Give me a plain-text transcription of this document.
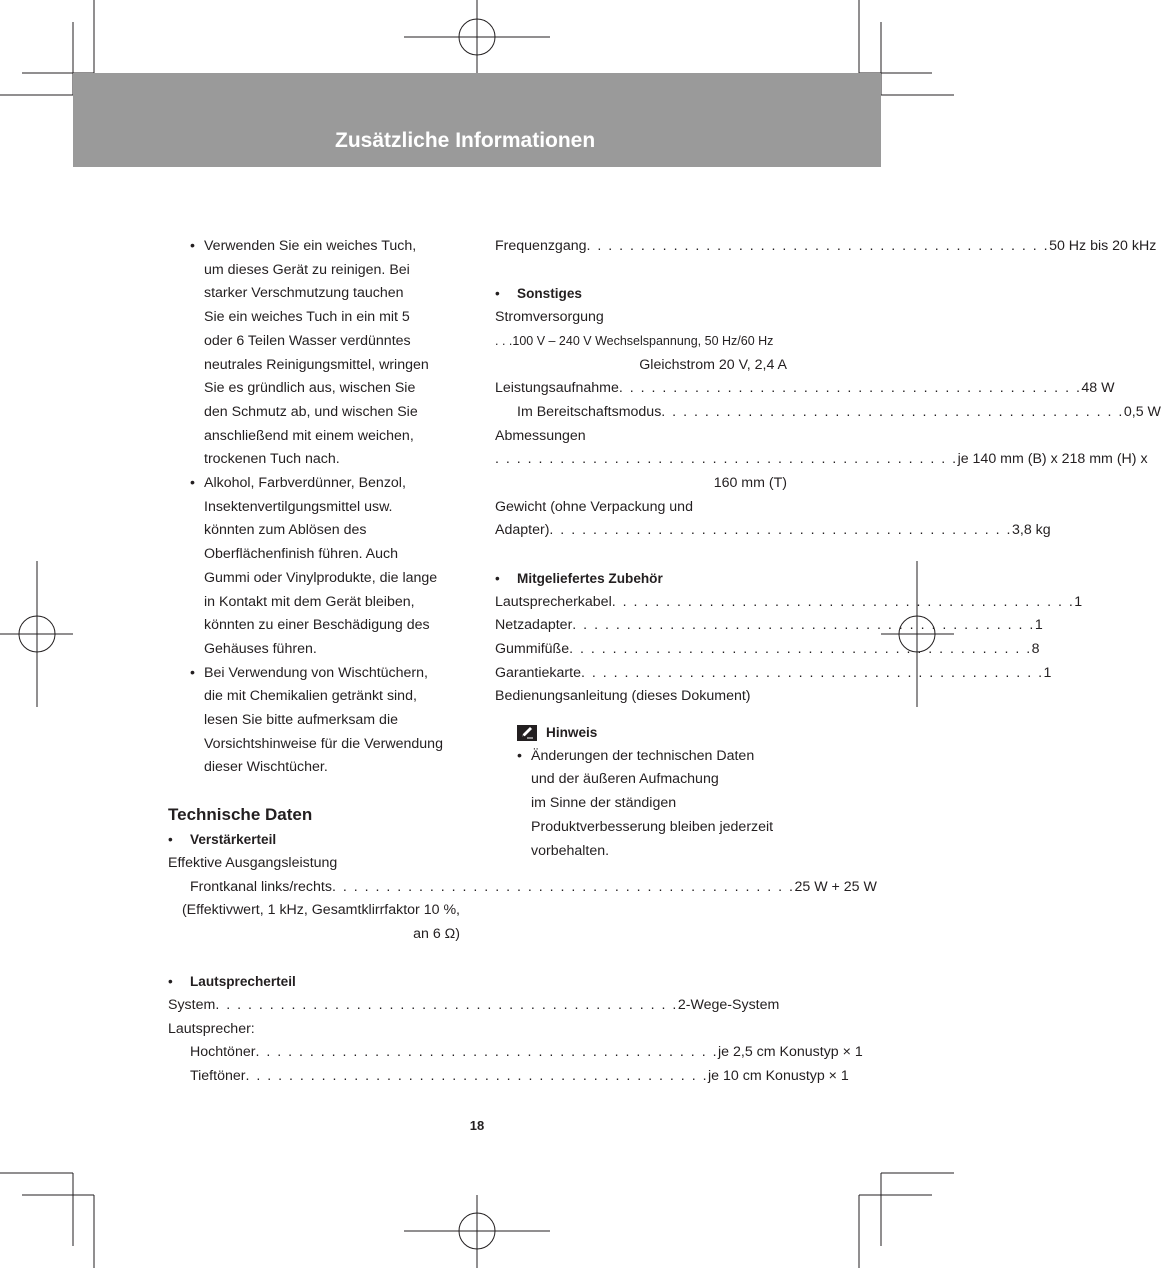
Zusätzliche Informationen
• Verwenden Sie ein weiches Tuch,
um dieses Gerät zu reinigen. Bei
starker Verschmutzung tauchen
Sie ein weiches Tuch in ein mit 5
oder 6 Teilen Wasser verdünntes
neutrales Reinigungsmittel, wringen
Sie es gründlich aus, wischen Sie
den Schmutz ab, und wischen Sie
anschließend mit einem weichen,
trockenen Tuch nach.
• Alkohol, Farbverdünner, Benzol,
Insektenvertilgungsmittel usw.
könnten zum Ablösen des
Oberflächenfinish führen. Auch
Gummi oder Vinylprodukte, die lange
in Kontakt mit dem Gerät bleiben,
könnten zu einer Beschädigung des
Gehäuses führen.
• Bei Verwendung von Wischtüchern,
die mit Chemikalien getränkt sind,
lesen Sie bitte aufmerksam die
Vorsichtshinweise für die Verwendung
dieser Wischtücher.
Technische Daten
• Verstärkerteil
Effektive Ausgangsleistung
Frontkanal links/rechts . . . . . . . . . . . . . . . . . . . . . . . . . . . . . . . . . . . . . . . . . . . 25 W + 25 W
(Effektivwert, 1 kHz, Gesamtklirrfaktor 10 %,
an 6 Ω)
• Lautsprecherteil
System . . . . . . . . . . . . . . . . . . . . . . . . . . . . . . . . . . . . . . . . . . . 2-Wege-System
Lautsprecher:
Hochtöner . . . . . . . . . . . . . . . . . . . . . . . . . . . . . . . . . . . . . . . . . . . je 2,5 cm Konustyp × 1
Tieftöner . . . . . . . . . . . . . . . . . . . . . . . . . . . . . . . . . . . . . . . . . . . je 10 cm Konustyp × 1
Frequenzgang . . . . . . . . . . . . . . . . . . . . . . . . . . . . . . . . . . . . . . . . . . . 50 Hz bis 20 kHz
• Sonstiges
Stromversorgung
. . .100 V – 240 V Wechselspannung, 50 Hz/60 Hz
Gleichstrom 20 V, 2,4 A
Leistungsaufnahme . . . . . . . . . . . . . . . . . . . . . . . . . . . . . . . . . . . . . . . . . . . 48 W
Im Bereitschaftsmodus . . . . . . . . . . . . . . . . . . . . . . . . . . . . . . . . . . . . . . . . . . . 0,5 W
Abmessungen
. . . . . . . . . . . . . . . . . . . . . . . . . . . . . . . . . . . . . . . . . . . je 140 mm (B) x 218 mm (H) x
160 mm (T)
Gewicht (ohne Verpackung und
Adapter) . . . . . . . . . . . . . . . . . . . . . . . . . . . . . . . . . . . . . . . . . . . 3,8 kg
• Mitgeliefertes Zubehör
Lautsprecherkabel . . . . . . . . . . . . . . . . . . . . . . . . . . . . . . . . . . . . . . . . . . . 1
Netzadapter . . . . . . . . . . . . . . . . . . . . . . . . . . . . . . . . . . . . . . . . . . . 1
Gummifüße . . . . . . . . . . . . . . . . . . . . . . . . . . . . . . . . . . . . . . . . . . . 8
Garantiekarte . . . . . . . . . . . . . . . . . . . . . . . . . . . . . . . . . . . . . . . . . . . 1
Bedienungsanleitung (dieses Dokument)
Hinweis
• Änderungen der technischen Daten
und der äußeren Aufmachung
im Sinne der ständigen
Produktverbesserung bleiben jederzeit
vorbehalten.
18
